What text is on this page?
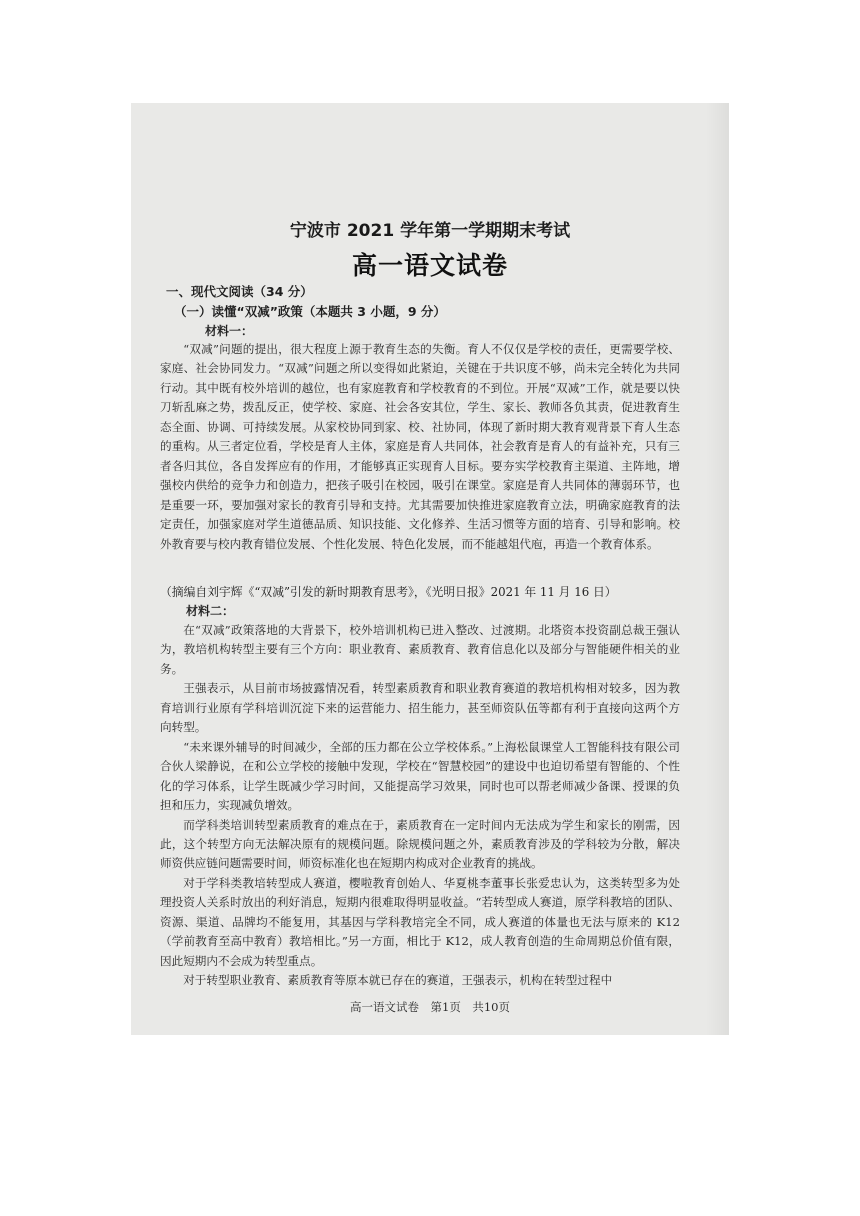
宁波市 2021 学年第一学期期末考试
高一语文试卷
一、现代文阅读（34 分）
（一）读懂“双减”政策（本题共 3 小题，9 分）
材料一：

“双减”问题的提出，很大程度上源于教育生态的失衡。育人不仅仅是学校的责任，更需要学校、家庭、社会协同发力。“双减”问题之所以变得如此紧迫，关键在于共识度不够，尚未完全转化为共同行动。其中既有校外培训的越位，也有家庭教育和学校教育的不到位。开展“双减”工作，就是要以快刀斩乱麻之势，拨乱反正，使学校、家庭、社会各安其位，学生、家长、教师各负其责，促进教育生态全面、协调、可持续发展。从家校协同到家、校、社协同，体现了新时期大教育观背景下育人生态的重构。从三者定位看，学校是育人主体，家庭是育人共同体，社会教育是育人的有益补充，只有三者各归其位，各自发挥应有的作用，才能够真正实现育人目标。要夯实学校教育主渠道、主阵地，增强校内供给的竞争力和创造力，把孩子吸引在校园，吸引在课堂。家庭是育人共同体的薄弱环节，也是重要一环，要加强对家长的教育引导和支持。尤其需要加快推进家庭教育立法，明确家庭教育的法定责任，加强家庭对学生道德品质、知识技能、文化修养、生活习惯等方面的培育、引导和影响。校外教育要与校内教育错位发展、个性化发展、特色化发展，而不能越俎代庖，再造一个教育体系。

（摘编自刘宇辉《“双减”引发的新时期教育思考》，《光明日报》2021 年 11 月 16 日）
材料二：

在“双减”政策落地的大背景下，校外培训机构已进入整改、过渡期。北塔资本投资副总裁王强认为，教培机构转型主要有三个方向：职业教育、素质教育、教育信息化以及部分与智能硬件相关的业务。

王强表示，从目前市场披露情况看，转型素质教育和职业教育赛道的教培机构相对较多，因为教育培训行业原有学科培训沉淀下来的运营能力、招生能力，甚至师资队伍等都有利于直接向这两个方向转型。

“未来课外辅导的时间减少，全部的压力都在公立学校体系。”上海松鼠课堂人工智能科技有限公司合伙人梁静说，在和公立学校的接触中发现，学校在“智慧校园”的建设中也迫切希望有智能的、个性化的学习体系，让学生既减少学习时间，又能提高学习效果，同时也可以帮老师减少备课、授课的负担和压力，实现减负增效。

而学科类培训转型素质教育的难点在于，素质教育在一定时间内无法成为学生和家长的刚需，因此，这个转型方向无法解决原有的规模问题。除规模问题之外，素质教育涉及的学科较为分散，解决师资供应链问题需要时间，师资标准化也在短期内构成对企业教育的挑战。

对于学科类教培转型成人赛道，樱啦教育创始人、华夏桃李董事长张爱忠认为，这类转型多为处理投资人关系时放出的利好消息，短期内很难取得明显收益。“若转型成人赛道，原学科教培的团队、资源、渠道、品牌均不能复用，其基因与学科教培完全不同，成人赛道的体量也无法与原来的 K12（学前教育至高中教育）教培相比。”另一方面，相比于 K12，成人教育创造的生命周期总价值有限，因此短期内不会成为转型重点。

对于转型职业教育、素质教育等原本就已存在的赛道，王强表示，机构在转型过程中

高一语文试卷　第1页　共10页
